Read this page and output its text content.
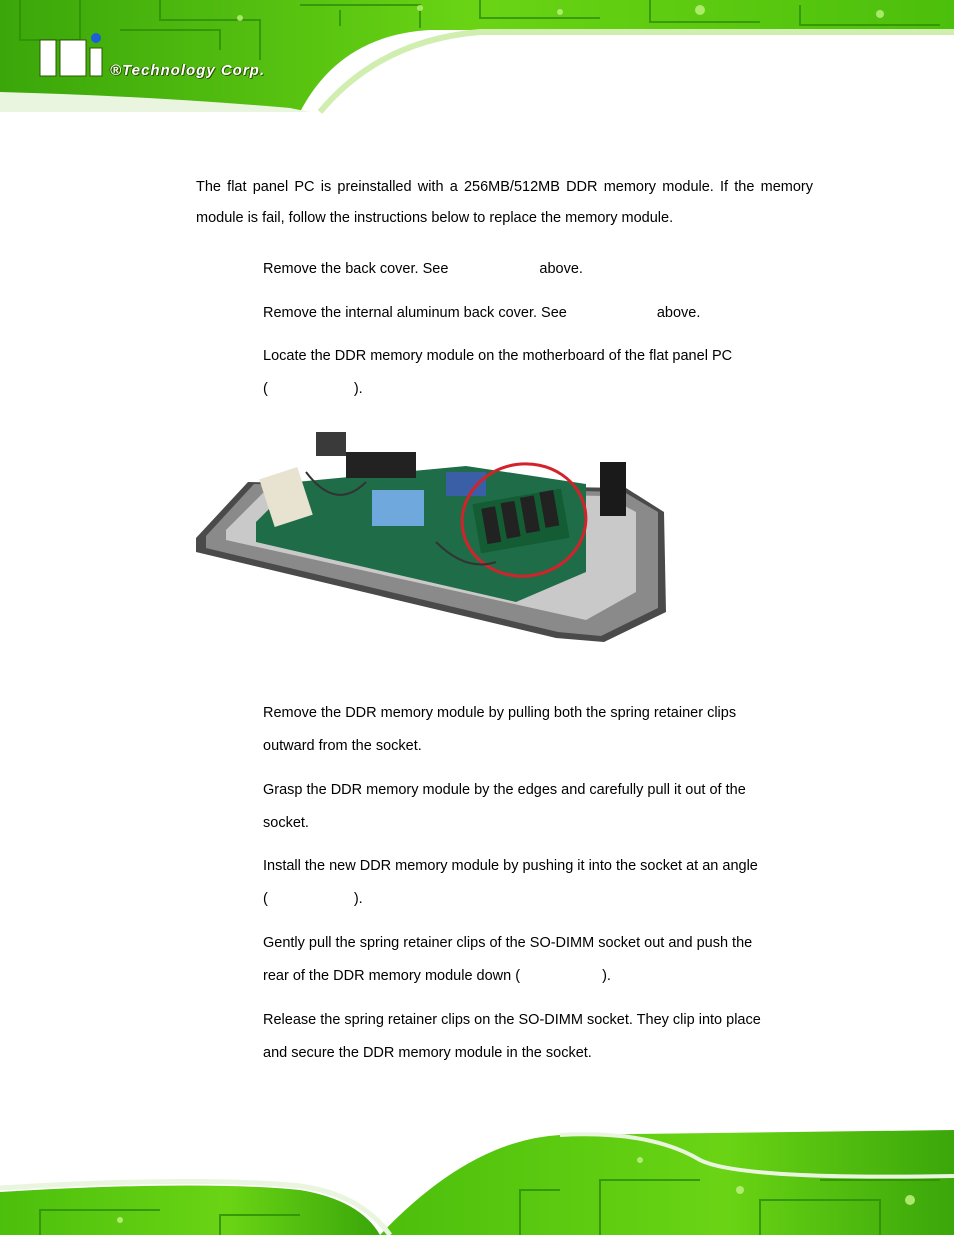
®Technology Corp.
The flat panel PC is preinstalled with a 256MB/512MB DDR memory module. If the memory module is fail, follow the instructions below to replace the memory module.
Remove the back cover. See	above.
Remove the internal aluminum back cover. See	above.
Locate the DDR memory module on the motherboard of the flat panel PC
(	).
Remove the DDR memory module by pulling both the spring retainer clips
outward from the socket.
Grasp the DDR memory module by the edges and carefully pull it out of the
socket.
Install the new DDR memory module by pushing it into the socket at an angle
(	).
Gently pull the spring retainer clips of the SO-DIMM socket out and push the
rear of the DDR memory module down (	).
Release the spring retainer clips on the SO-DIMM socket. They clip into place
and secure the DDR memory module in the socket.
